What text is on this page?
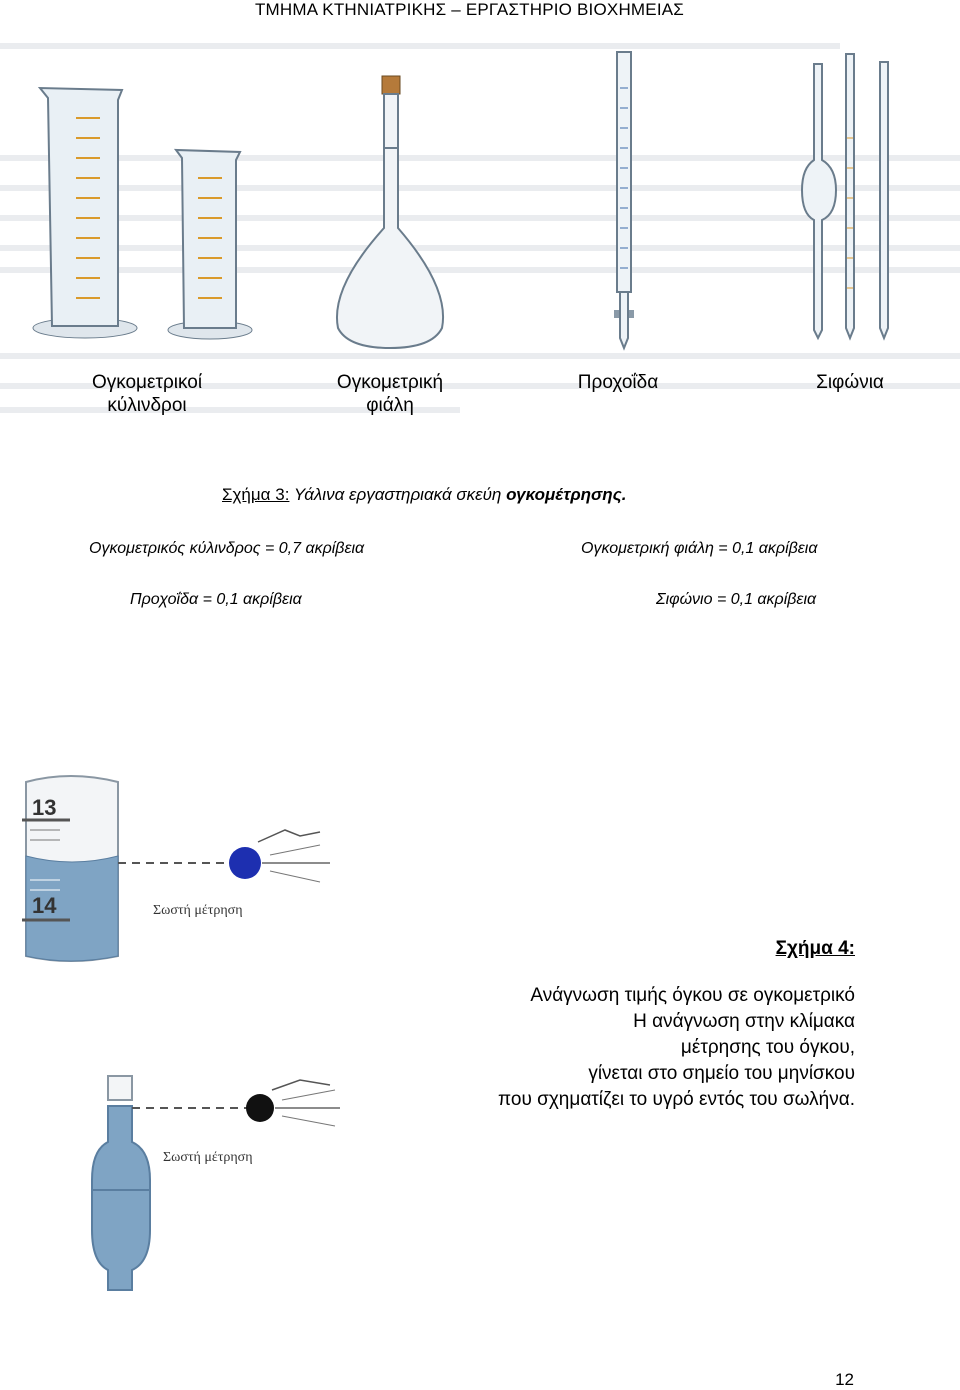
ΤΜΗΜΑ ΚΤΗΝΙΑΤΡΙΚΗΣ – ΕΡΓΑΣΤΗΡΙΟ ΒΙΟΧΗΜΕΙΑΣ
Ογκομετρικοί
κύλινδροι
Ογκομετρική
φιάλη
Προχοΐδα	Σιφώνια
Σχήμα 3: Υάλινα εργαστηριακά σκεύη ογκομέτρησης.
Ογκομετρικός κύλινδρος = 0,7 ακρίβεια	Ογκομετρική φιάλη = 0,1 ακρίβεια
Προχοΐδα = 0,1 ακρίβεια	Σιφώνιο = 0,1 ακρίβεια
13
14	Σωστή μέτρηση
Σωστή μέτρηση
Σχήμα 4:
Ανάγνωση τιμής όγκου σε ογκομετρικό
Η ανάγνωση στην κλίμακα
μέτρησης του όγκου,
γίνεται στο σημείο του μηνίσκου
που σχηματίζει το υγρό εντός του σωλήνα.
12
